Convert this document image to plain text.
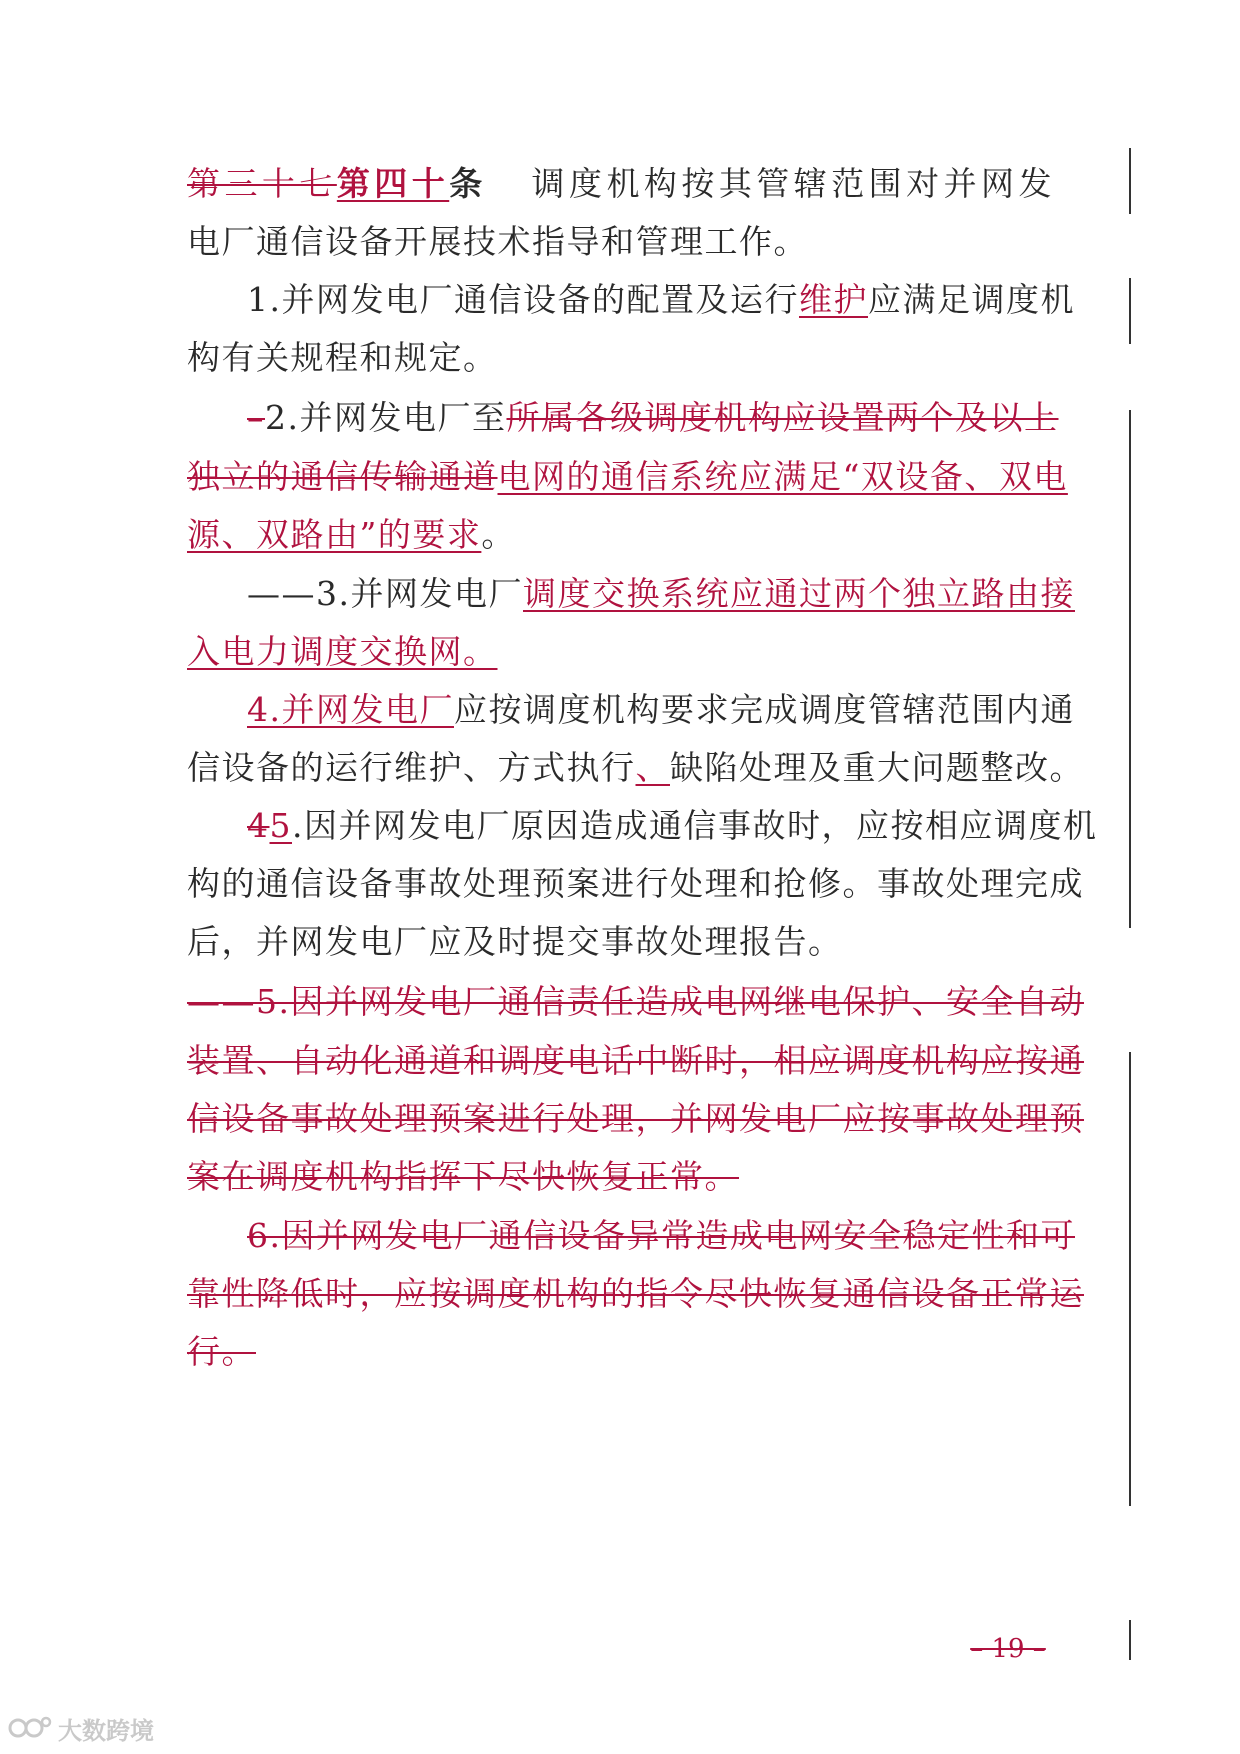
第三十七第四十条   调度机构按其管辖范围对并网发
电厂通信设备开展技术指导和管理工作。
1.并网发电厂通信设备的配置及运行维护应满足调度机
构有关规程和规定。
–2.并网发电厂至所属各级调度机构应设置两个及以上
独立的通信传输通道电网的通信系统应满足“双设备、双电
源、双路由”的要求。
——3.并网发电厂调度交换系统应通过两个独立路由接
入电力调度交换网。
4.并网发电厂应按调度机构要求完成调度管辖范围内通
信设备的运行维护、方式执行、缺陷处理及重大问题整改。
45.因并网发电厂原因造成通信事故时，应按相应调度机
构的通信设备事故处理预案进行处理和抢修。事故处理完成
后，并网发电厂应及时提交事故处理报告。
——5.因并网发电厂通信责任造成电网继电保护、安全自动
装置、自动化通道和调度电话中断时，相应调度机构应按通
信设备事故处理预案进行处理，并网发电厂应按事故处理预
案在调度机构指挥下尽快恢复正常。
6.因并网发电厂通信设备异常造成电网安全稳定性和可
靠性降低时，应按调度机构的指令尽快恢复通信设备正常运
行。
– 19 –
大数跨境
